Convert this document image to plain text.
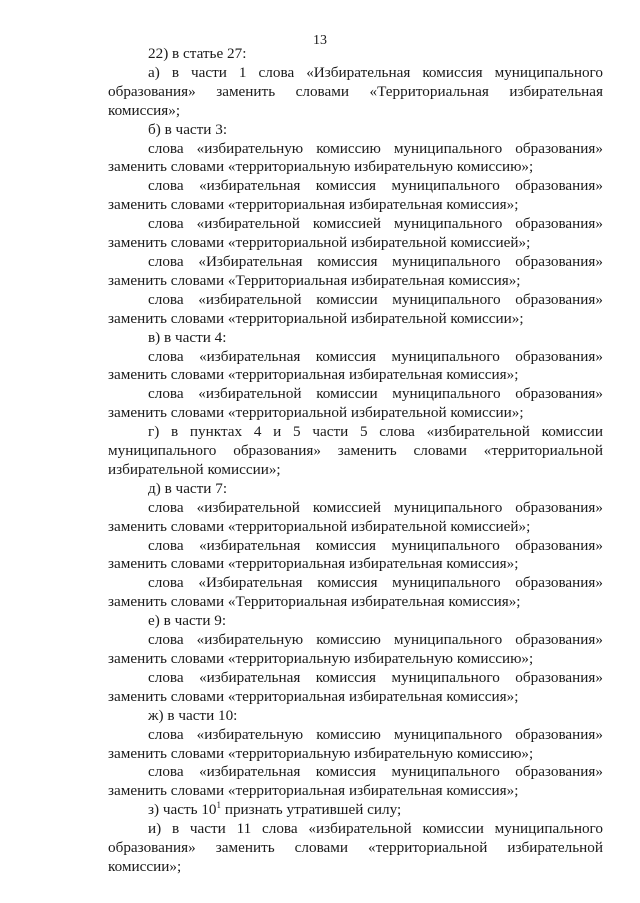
13

22) в статье 27:

а) в части 1 слова «Избирательная комиссия муниципального образования» заменить словами «Территориальная избирательная комиссия»;

б) в части 3:

слова «избирательную комиссию муниципального образования» заменить словами «территориальную избирательную комиссию»;

слова «избирательная комиссия муниципального образования» заменить словами «территориальная избирательная комиссия»;

слова «избирательной комиссией муниципального образования» заменить словами «территориальной избирательной комиссией»;

слова «Избирательная комиссия муниципального образования» заменить словами «Территориальная избирательная комиссия»;

слова «избирательной комиссии муниципального образования» заменить словами «территориальной избирательной комиссии»;

в) в части 4:

слова «избирательная комиссия муниципального образования» заменить словами «территориальная избирательная комиссия»;

слова «избирательной комиссии муниципального образования» заменить словами «территориальной избирательной комиссии»;

г) в пунктах 4 и 5 части 5 слова «избирательной комиссии муниципального образования» заменить словами «территориальной избирательной комиссии»;

д) в части 7:

слова «избирательной комиссией муниципального образования» заменить словами «территориальной избирательной комиссией»;

слова «избирательная комиссия муниципального образования» заменить словами «территориальная избирательная комиссия»;

слова «Избирательная комиссия муниципального образования» заменить словами «Территориальная избирательная комиссия»;

е) в части 9:

слова «избирательную комиссию муниципального образования» заменить словами «территориальную избирательную комиссию»;

слова «избирательная комиссия муниципального образования» заменить словами «территориальная избирательная комиссия»;

ж) в части 10:

слова «избирательную комиссию муниципального образования» заменить словами «территориальную избирательную комиссию»;

слова «избирательная комиссия муниципального образования» заменить словами «территориальная избирательная комиссия»;

з) часть $10^1$ признать утратившей силу;

и) в части 11 слова «избирательной комиссии муниципального образования» заменить словами «территориальной избирательной комиссии»;
